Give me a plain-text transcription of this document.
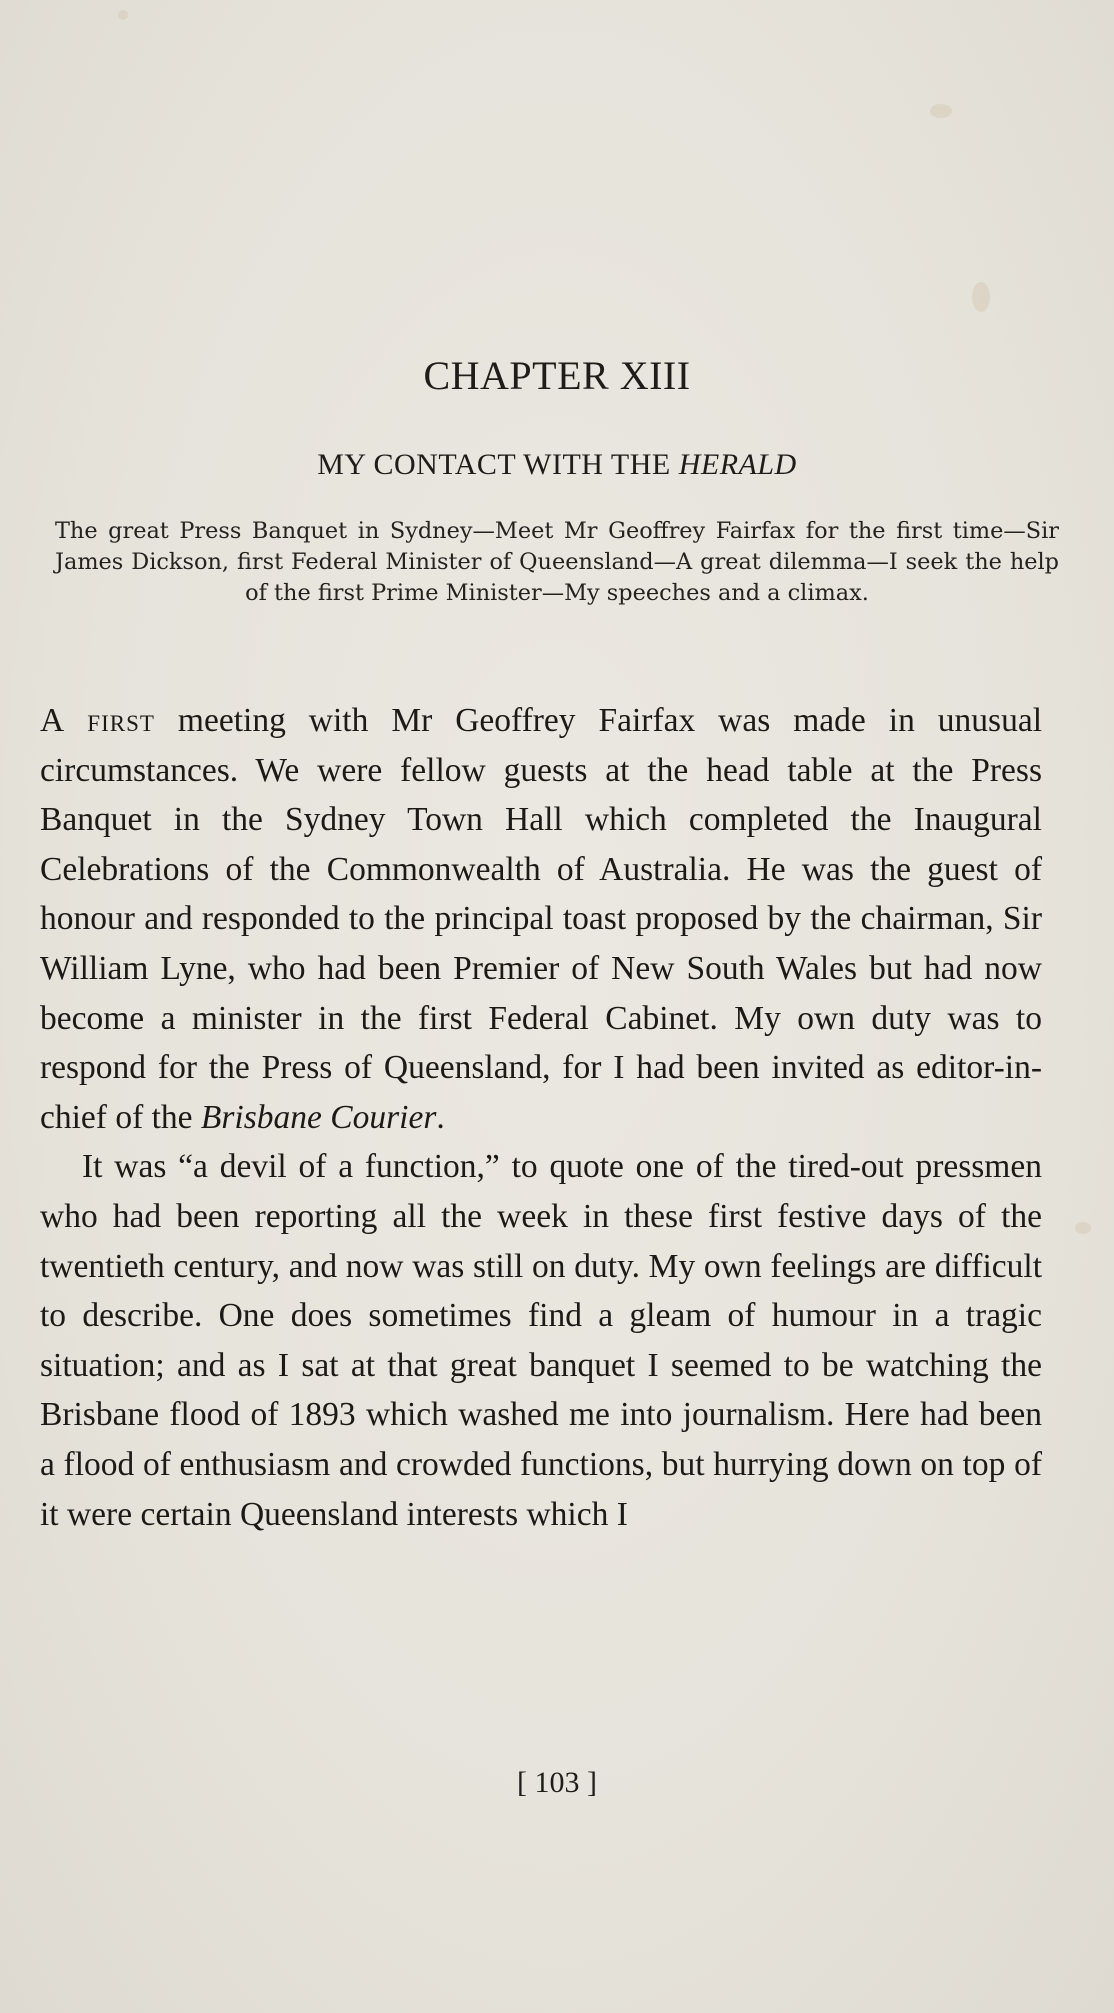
CHAPTER XIII
MY CONTACT WITH THE HERALD

The great Press Banquet in Sydney—Meet Mr Geoffrey Fairfax for the first time—Sir James Dickson, first Federal Minister of Queensland—A great dilemma—I seek the help of the first Prime Minister—My speeches and a climax.

A first meeting with Mr Geoffrey Fairfax was made in unusual circumstances. We were fellow guests at the head table at the Press Banquet in the Sydney Town Hall which completed the Inaugural Celebrations of the Commonwealth of Australia. He was the guest of honour and responded to the principal toast proposed by the chairman, Sir William Lyne, who had been Premier of New South Wales but had now become a minister in the first Federal Cabinet. My own duty was to respond for the Press of Queensland, for I had been invited as editor-in-chief of the Brisbane Courier.

It was “a devil of a function,” to quote one of the tired-out pressmen who had been reporting all the week in these first festive days of the twentieth century, and now was still on duty. My own feelings are difficult to describe. One does sometimes find a gleam of humour in a tragic situation; and as I sat at that great banquet I seemed to be watching the Brisbane flood of 1893 which washed me into journalism. Here had been a flood of enthusiasm and crowded functions, but hurrying down on top of it were certain Queensland interests which I

[ 103 ]
